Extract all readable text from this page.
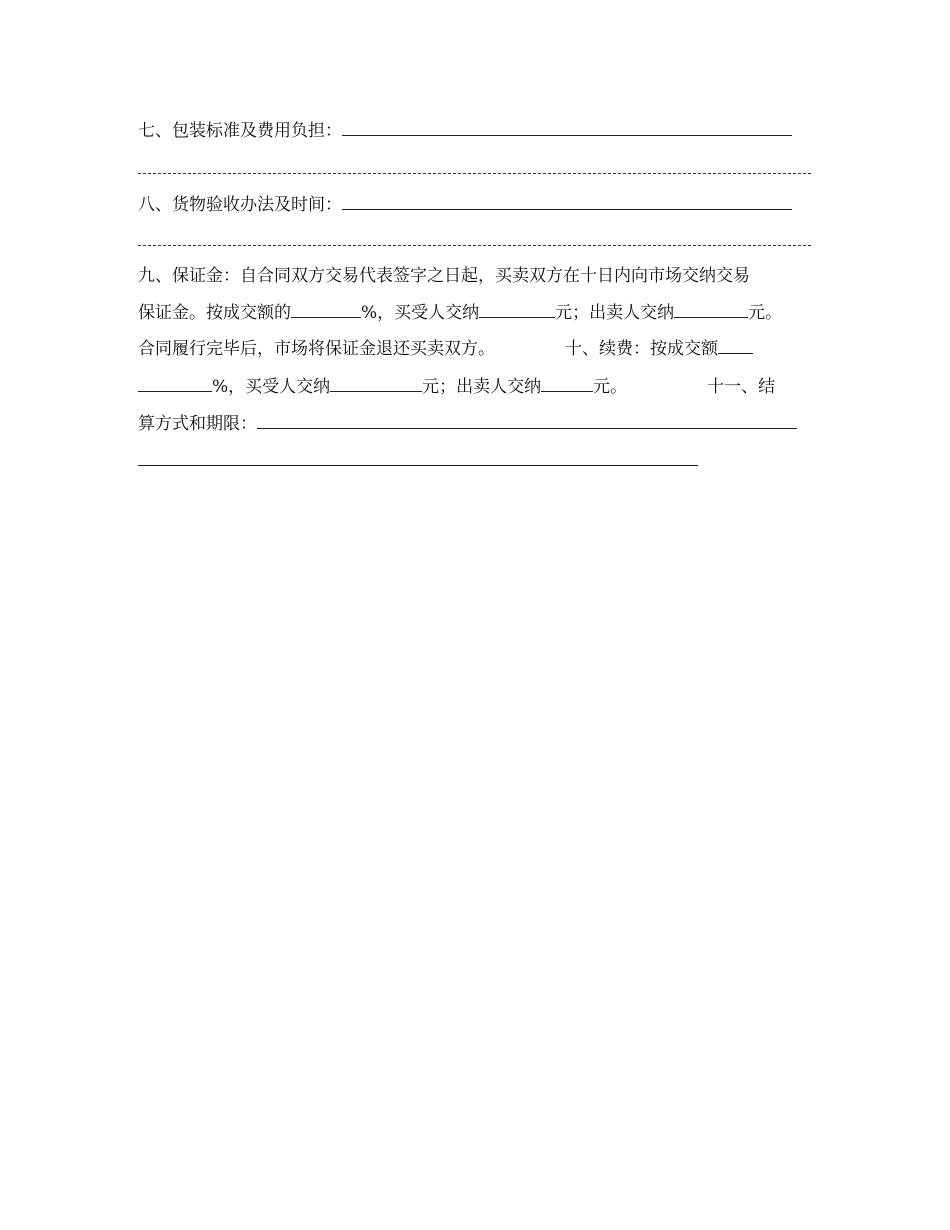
七、包装标准及费用负担：
八、货物验收办法及时间：
九、保证金：自合同双方交易代表签字之日起，买卖双方在十日内向市场交纳交易
保证金。按成交额的	%，买受人交纳	元；出卖人交纳	元。
合同履行完毕后，市场将保证金退还买卖双方。	十、续费：按成交额
%，买受人交纳	元；出卖人交纳	元。	十一、结
算方式和期限：
